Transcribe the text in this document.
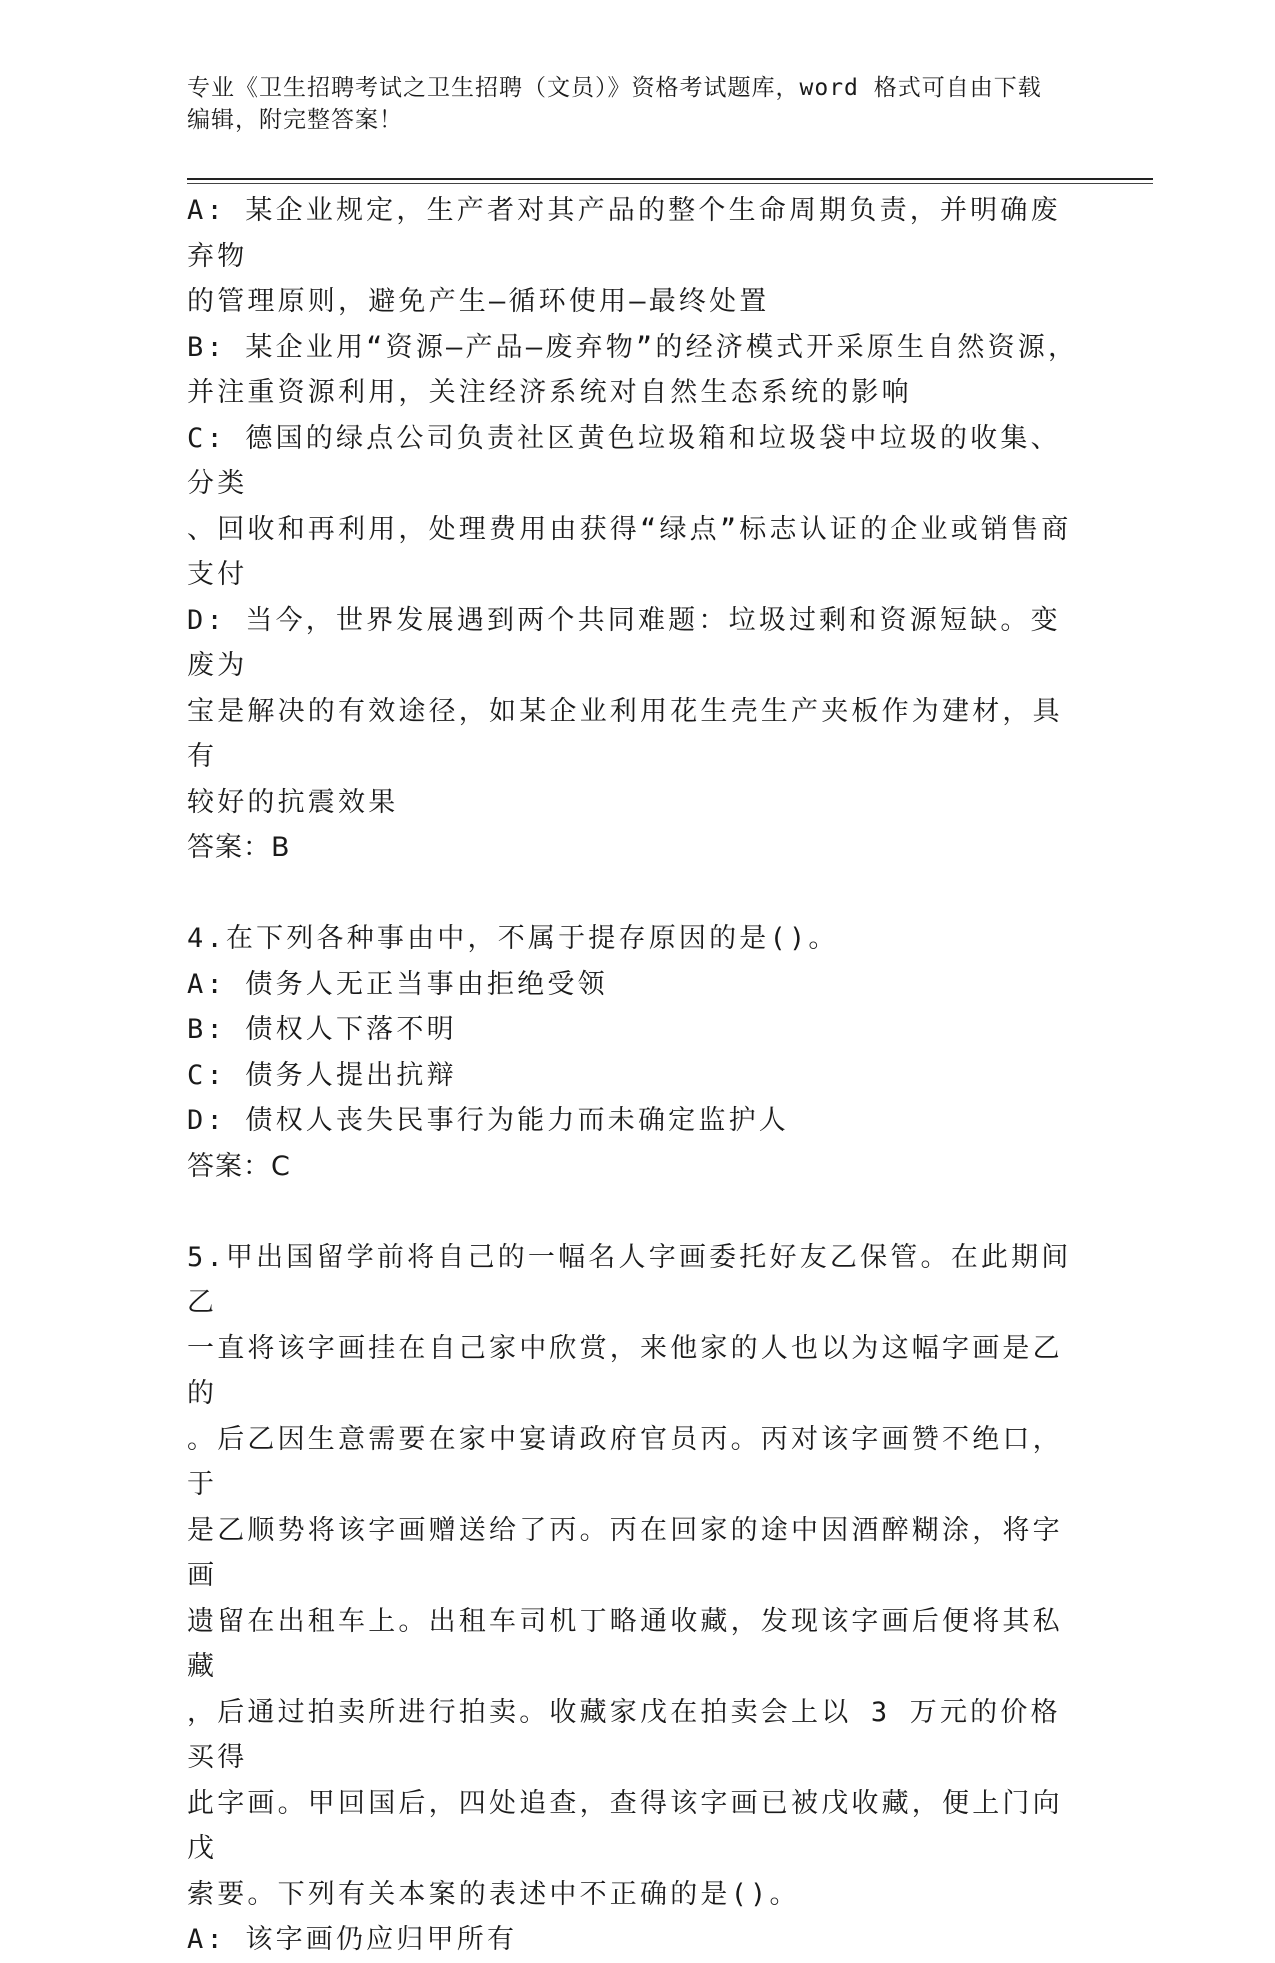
专业《卫生招聘考试之卫生招聘（文员）》资格考试题库，word 格式可自由下载
编辑，附完整答案！

A: 某企业规定，生产者对其产品的整个生命周期负责，并明确废弃物

的管理原则，避免产生—循环使用—最终处置

B: 某企业用“资源—产品—废弃物”的经济模式开采原生自然资源，

并注重资源利用，关注经济系统对自然生态系统的影响

C: 德国的绿点公司负责社区黄色垃圾箱和垃圾袋中垃圾的收集、分类

、回收和再利用，处理费用由获得“绿点”标志认证的企业或销售商

支付

D: 当今，世界发展遇到两个共同难题：垃圾过剩和资源短缺。变废为

宝是解决的有效途径，如某企业利用花生壳生产夹板作为建材，具有

较好的抗震效果

答案：B

4.在下列各种事由中，不属于提存原因的是()。

A: 债务人无正当事由拒绝受领

B: 债权人下落不明

C: 债务人提出抗辩

D: 债权人丧失民事行为能力而未确定监护人

答案：C

5.甲出国留学前将自己的一幅名人字画委托好友乙保管。在此期间乙

一直将该字画挂在自己家中欣赏，来他家的人也以为这幅字画是乙的

。后乙因生意需要在家中宴请政府官员丙。丙对该字画赞不绝口，于

是乙顺势将该字画赠送给了丙。丙在回家的途中因酒醉糊涂，将字画

遗留在出租车上。出租车司机丁略通收藏，发现该字画后便将其私藏

，后通过拍卖所进行拍卖。收藏家戊在拍卖会上以 3 万元的价格买得

此字画。甲回国后，四处追查，查得该字画已被戊收藏，便上门向戊

索要。下列有关本案的表述中不正确的是()。

A: 该字画仍应归甲所有
